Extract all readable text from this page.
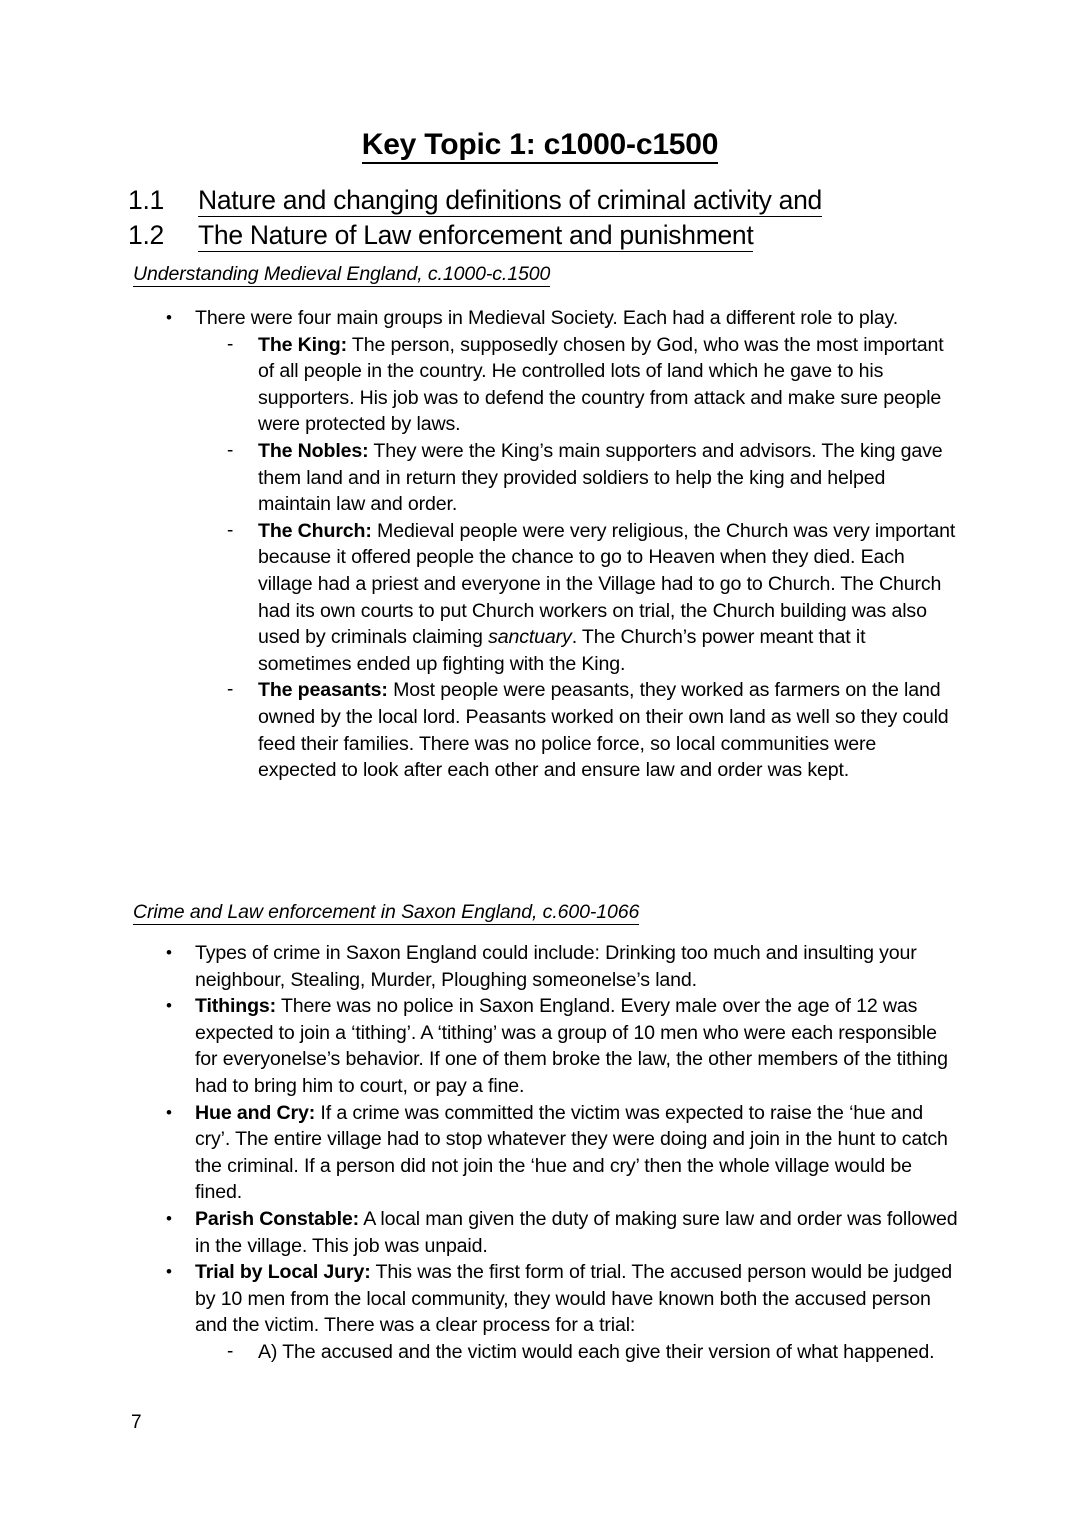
Key Topic 1: c1000-c1500
1.1 Nature and changing definitions of criminal activity and
1.2 The Nature of Law enforcement and punishment
Understanding Medieval England, c.1000-c.1500
• There were four main groups in Medieval Society. Each had a different role to play.
- The King: The person, supposedly chosen by God, who was the most important of all people in the country. He controlled lots of land which he gave to his supporters. His job was to defend the country from attack and make sure people were protected by laws.
- The Nobles: They were the King’s main supporters and advisors. The king gave them land and in return they provided soldiers to help the king and helped maintain law and order.
- The Church: Medieval people were very religious, the Church was very important because it offered people the chance to go to Heaven when they died. Each village had a priest and everyone in the Village had to go to Church. The Church had its own courts to put Church workers on trial, the Church building was also used by criminals claiming sanctuary. The Church’s power meant that it sometimes ended up fighting with the King.
- The peasants: Most people were peasants, they worked as farmers on the land owned by the local lord. Peasants worked on their own land as well so they could feed their families. There was no police force, so local communities were expected to look after each other and ensure law and order was kept.
Crime and Law enforcement in Saxon England, c.600-1066
• Types of crime in Saxon England could include: Drinking too much and insulting your neighbour, Stealing, Murder, Ploughing someonelse’s land.
• Tithings: There was no police in Saxon England. Every male over the age of 12 was expected to join a ‘tithing’. A ‘tithing’ was a group of 10 men who were each responsible for everyonelse’s behavior. If one of them broke the law, the other members of the tithing had to bring him to court, or pay a fine.
• Hue and Cry: If a crime was committed the victim was expected to raise the ‘hue and cry’. The entire village had to stop whatever they were doing and join in the hunt to catch the criminal. If a person did not join the ‘hue and cry’ then the whole village would be fined.
• Parish Constable: A local man given the duty of making sure law and order was followed in the village. This job was unpaid.
• Trial by Local Jury: This was the first form of trial. The accused person would be judged by 10 men from the local community, they would have known both the accused person and the victim. There was a clear process for a trial:
- A) The accused and the victim would each give their version of what happened.
7
